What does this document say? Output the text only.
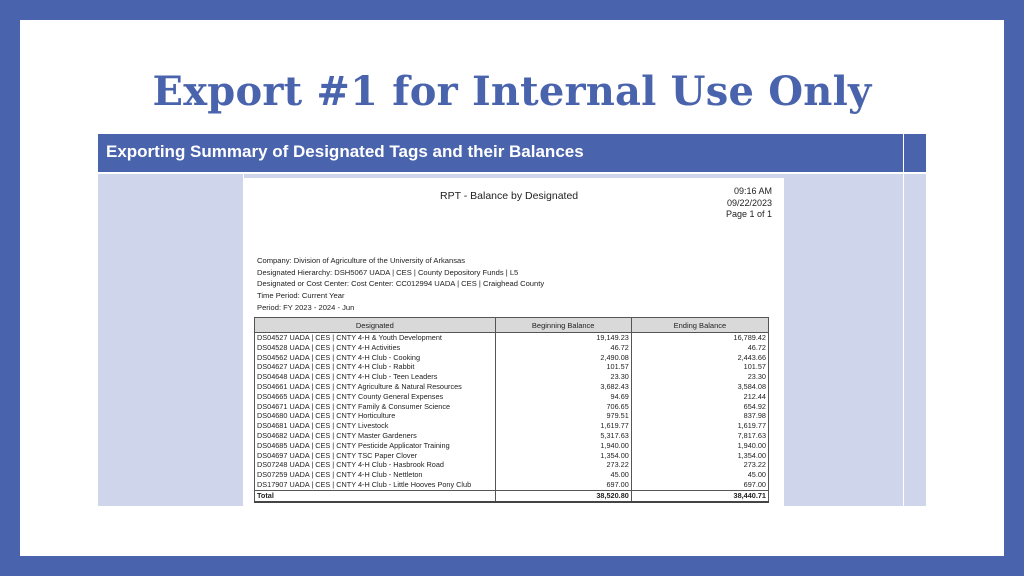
Export #1 for Internal Use Only
Exporting Summary of Designated Tags and their Balances
RPT - Balance by Designated	09:16 AM
09/22/2023
Page 1 of 1
Company: Division of Agriculture of the University of Arkansas
Designated Hierarchy: DSH5067 UADA | CES | County Depository Funds | L5
Designated or Cost Center: Cost Center: CC012994 UADA | CES | Craighead County
Time Period: Current Year
Period: FY 2023 - 2024 - Jun
Designated	Beginning Balance	Ending Balance
DS04527 UADA | CES | CNTY 4-H & Youth Development	19,149.23	16,789.42
DS04528 UADA | CES | CNTY 4-H Activities	46.72	46.72
DS04562 UADA | CES | CNTY 4-H Club - Cooking	2,490.08	2,443.66
DS04627 UADA | CES | CNTY 4-H Club - Rabbit	101.57	101.57
DS04648 UADA | CES | CNTY 4-H Club - Teen Leaders	23.30	23.30
DS04661 UADA | CES | CNTY Agriculture & Natural Resources	3,682.43	3,584.08
DS04665 UADA | CES | CNTY County General Expenses	94.69	212.44
DS04671 UADA | CES | CNTY Family & Consumer Science	706.65	654.92
DS04680 UADA | CES | CNTY Horticulture	979.51	837.98
DS04681 UADA | CES | CNTY Livestock	1,619.77	1,619.77
DS04682 UADA | CES | CNTY Master Gardeners	5,317.63	7,817.63
DS04685 UADA | CES | CNTY Pesticide Applicator Training	1,940.00	1,940.00
DS04697 UADA | CES | CNTY TSC Paper Clover	1,354.00	1,354.00
DS07248 UADA | CES | CNTY 4-H Club - Hasbrook Road	273.22	273.22
DS07259 UADA | CES | CNTY 4-H Club - Nettleton	45.00	45.00
DS17907 UADA | CES | CNTY 4-H Club - Little Hooves Pony Club	697.00	697.00
Total	38,520.80	38,440.71
